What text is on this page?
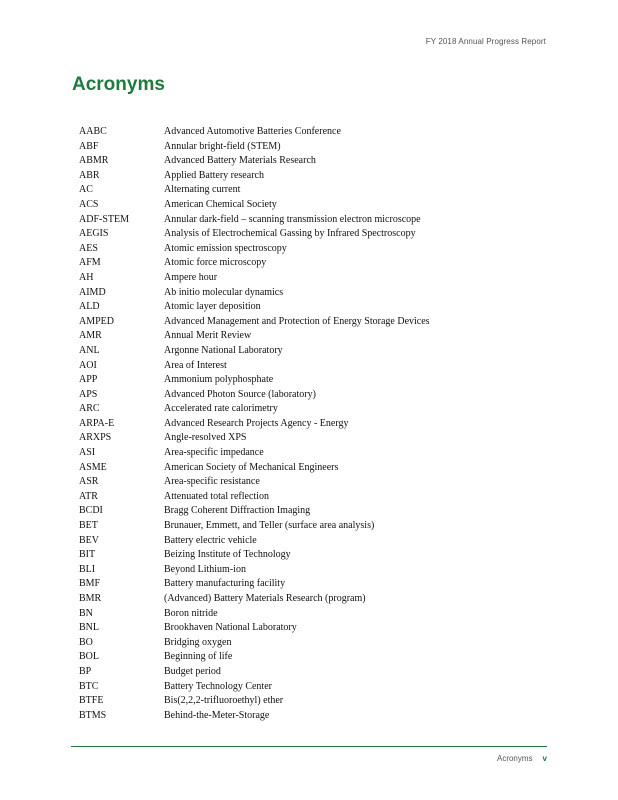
FY 2018 Annual Progress Report
Acronyms
AABC	Advanced Automotive Batteries Conference
ABF	Annular bright-field (STEM)
ABMR	Advanced Battery Materials Research
ABR	Applied Battery research
AC	Alternating current
ACS	American Chemical Society
ADF-STEM	Annular dark-field – scanning transmission electron microscope
AEGIS	Analysis of Electrochemical Gassing by Infrared Spectroscopy
AES	Atomic emission spectroscopy
AFM	Atomic force microscopy
AH	Ampere hour
AIMD	Ab initio molecular dynamics
ALD	Atomic layer deposition
AMPED	Advanced Management and Protection of Energy Storage Devices
AMR	Annual Merit Review
ANL	Argonne National Laboratory
AOI	Area of Interest
APP	Ammonium polyphosphate
APS	Advanced Photon Source (laboratory)
ARC	Accelerated rate calorimetry
ARPA-E	Advanced Research Projects Agency - Energy
ARXPS	Angle-resolved XPS
ASI	Area-specific impedance
ASME	American Society of Mechanical Engineers
ASR	Area-specific resistance
ATR	Attenuated total reflection
BCDI	Bragg Coherent Diffraction Imaging
BET	Brunauer, Emmett, and Teller (surface area analysis)
BEV	Battery electric vehicle
BIT	Beizing Institute of Technology
BLI	Beyond Lithium-ion
BMF	Battery manufacturing facility
BMR	(Advanced) Battery Materials Research (program)
BN	Boron nitride
BNL	Brookhaven National Laboratory
BO	Bridging oxygen
BOL	Beginning of life
BP	Budget period
BTC	Battery Technology Center
BTFE	Bis(2,2,2-trifluoroethyl) ether
BTMS	Behind-the-Meter-Storage
Acronyms v
